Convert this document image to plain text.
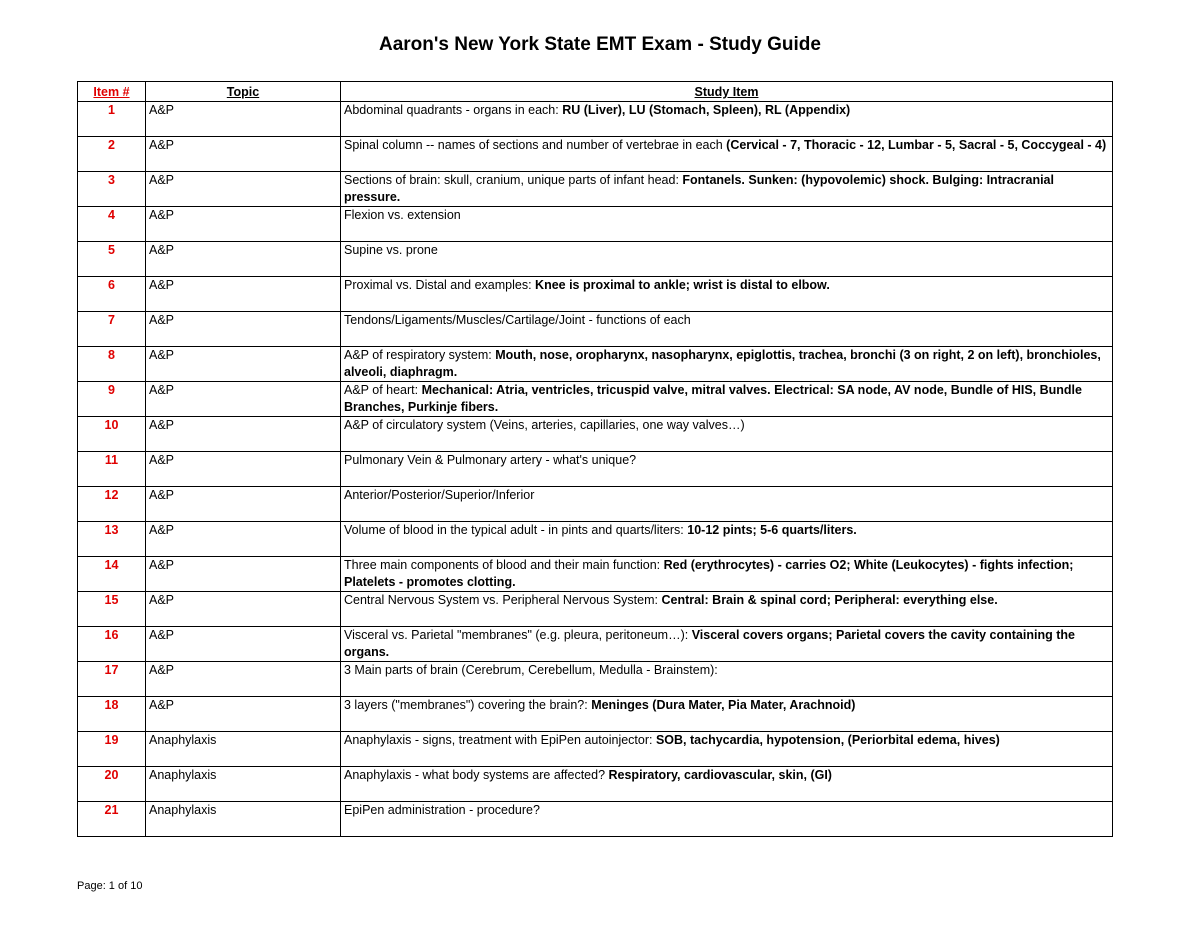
Aaron's New York State EMT Exam - Study Guide
Item #	Topic	Study Item
1	A&P	Abdominal quadrants - organs in each: RU (Liver), LU (Stomach, Spleen), RL (Appendix)
2	A&P	Spinal column -- names of sections and number of vertebrae in each (Cervical - 7, Thoracic - 12, Lumbar - 5, Sacral - 5, Coccygeal - 4)
3	A&P	Sections of brain: skull, cranium, unique parts of infant head: Fontanels. Sunken: (hypovolemic) shock. Bulging: Intracranial pressure.
4	A&P	Flexion vs. extension
5	A&P	Supine vs. prone
6	A&P	Proximal vs. Distal and examples: Knee is proximal to ankle; wrist is distal to elbow.
7	A&P	Tendons/Ligaments/Muscles/Cartilage/Joint - functions of each
8	A&P	A&P of respiratory system: Mouth, nose, oropharynx, nasopharynx, epiglottis, trachea, bronchi (3 on right, 2 on left), bronchioles, alveoli, diaphragm.
9	A&P	A&P of heart: Mechanical: Atria, ventricles, tricuspid valve, mitral valves. Electrical: SA node, AV node, Bundle of HIS, Bundle Branches, Purkinje fibers.
10	A&P	A&P of circulatory system (Veins, arteries, capillaries, one way valves…)
11	A&P	Pulmonary Vein & Pulmonary artery - what's unique?
12	A&P	Anterior/Posterior/Superior/Inferior
13	A&P	Volume of blood in the typical adult - in pints and quarts/liters: 10-12 pints; 5-6 quarts/liters.
14	A&P	Three main components of blood and their main function: Red (erythrocytes) - carries O2; White (Leukocytes) - fights infection; Platelets - promotes clotting.
15	A&P	Central Nervous System vs. Peripheral Nervous System: Central: Brain & spinal cord; Peripheral: everything else.
16	A&P	Visceral vs. Parietal "membranes" (e.g. pleura, peritoneum…): Visceral covers organs; Parietal covers the cavity containing the organs.
17	A&P	3 Main parts of brain (Cerebrum, Cerebellum, Medulla - Brainstem):
18	A&P	3 layers ("membranes") covering the brain?: Meninges (Dura Mater, Pia Mater, Arachnoid)
19	Anaphylaxis	Anaphylaxis - signs, treatment with EpiPen autoinjector: SOB, tachycardia, hypotension, (Periorbital edema, hives)
20	Anaphylaxis	Anaphylaxis - what body systems are affected? Respiratory, cardiovascular, skin, (GI)
21	Anaphylaxis	EpiPen administration - procedure?
Page: 1 of 10
